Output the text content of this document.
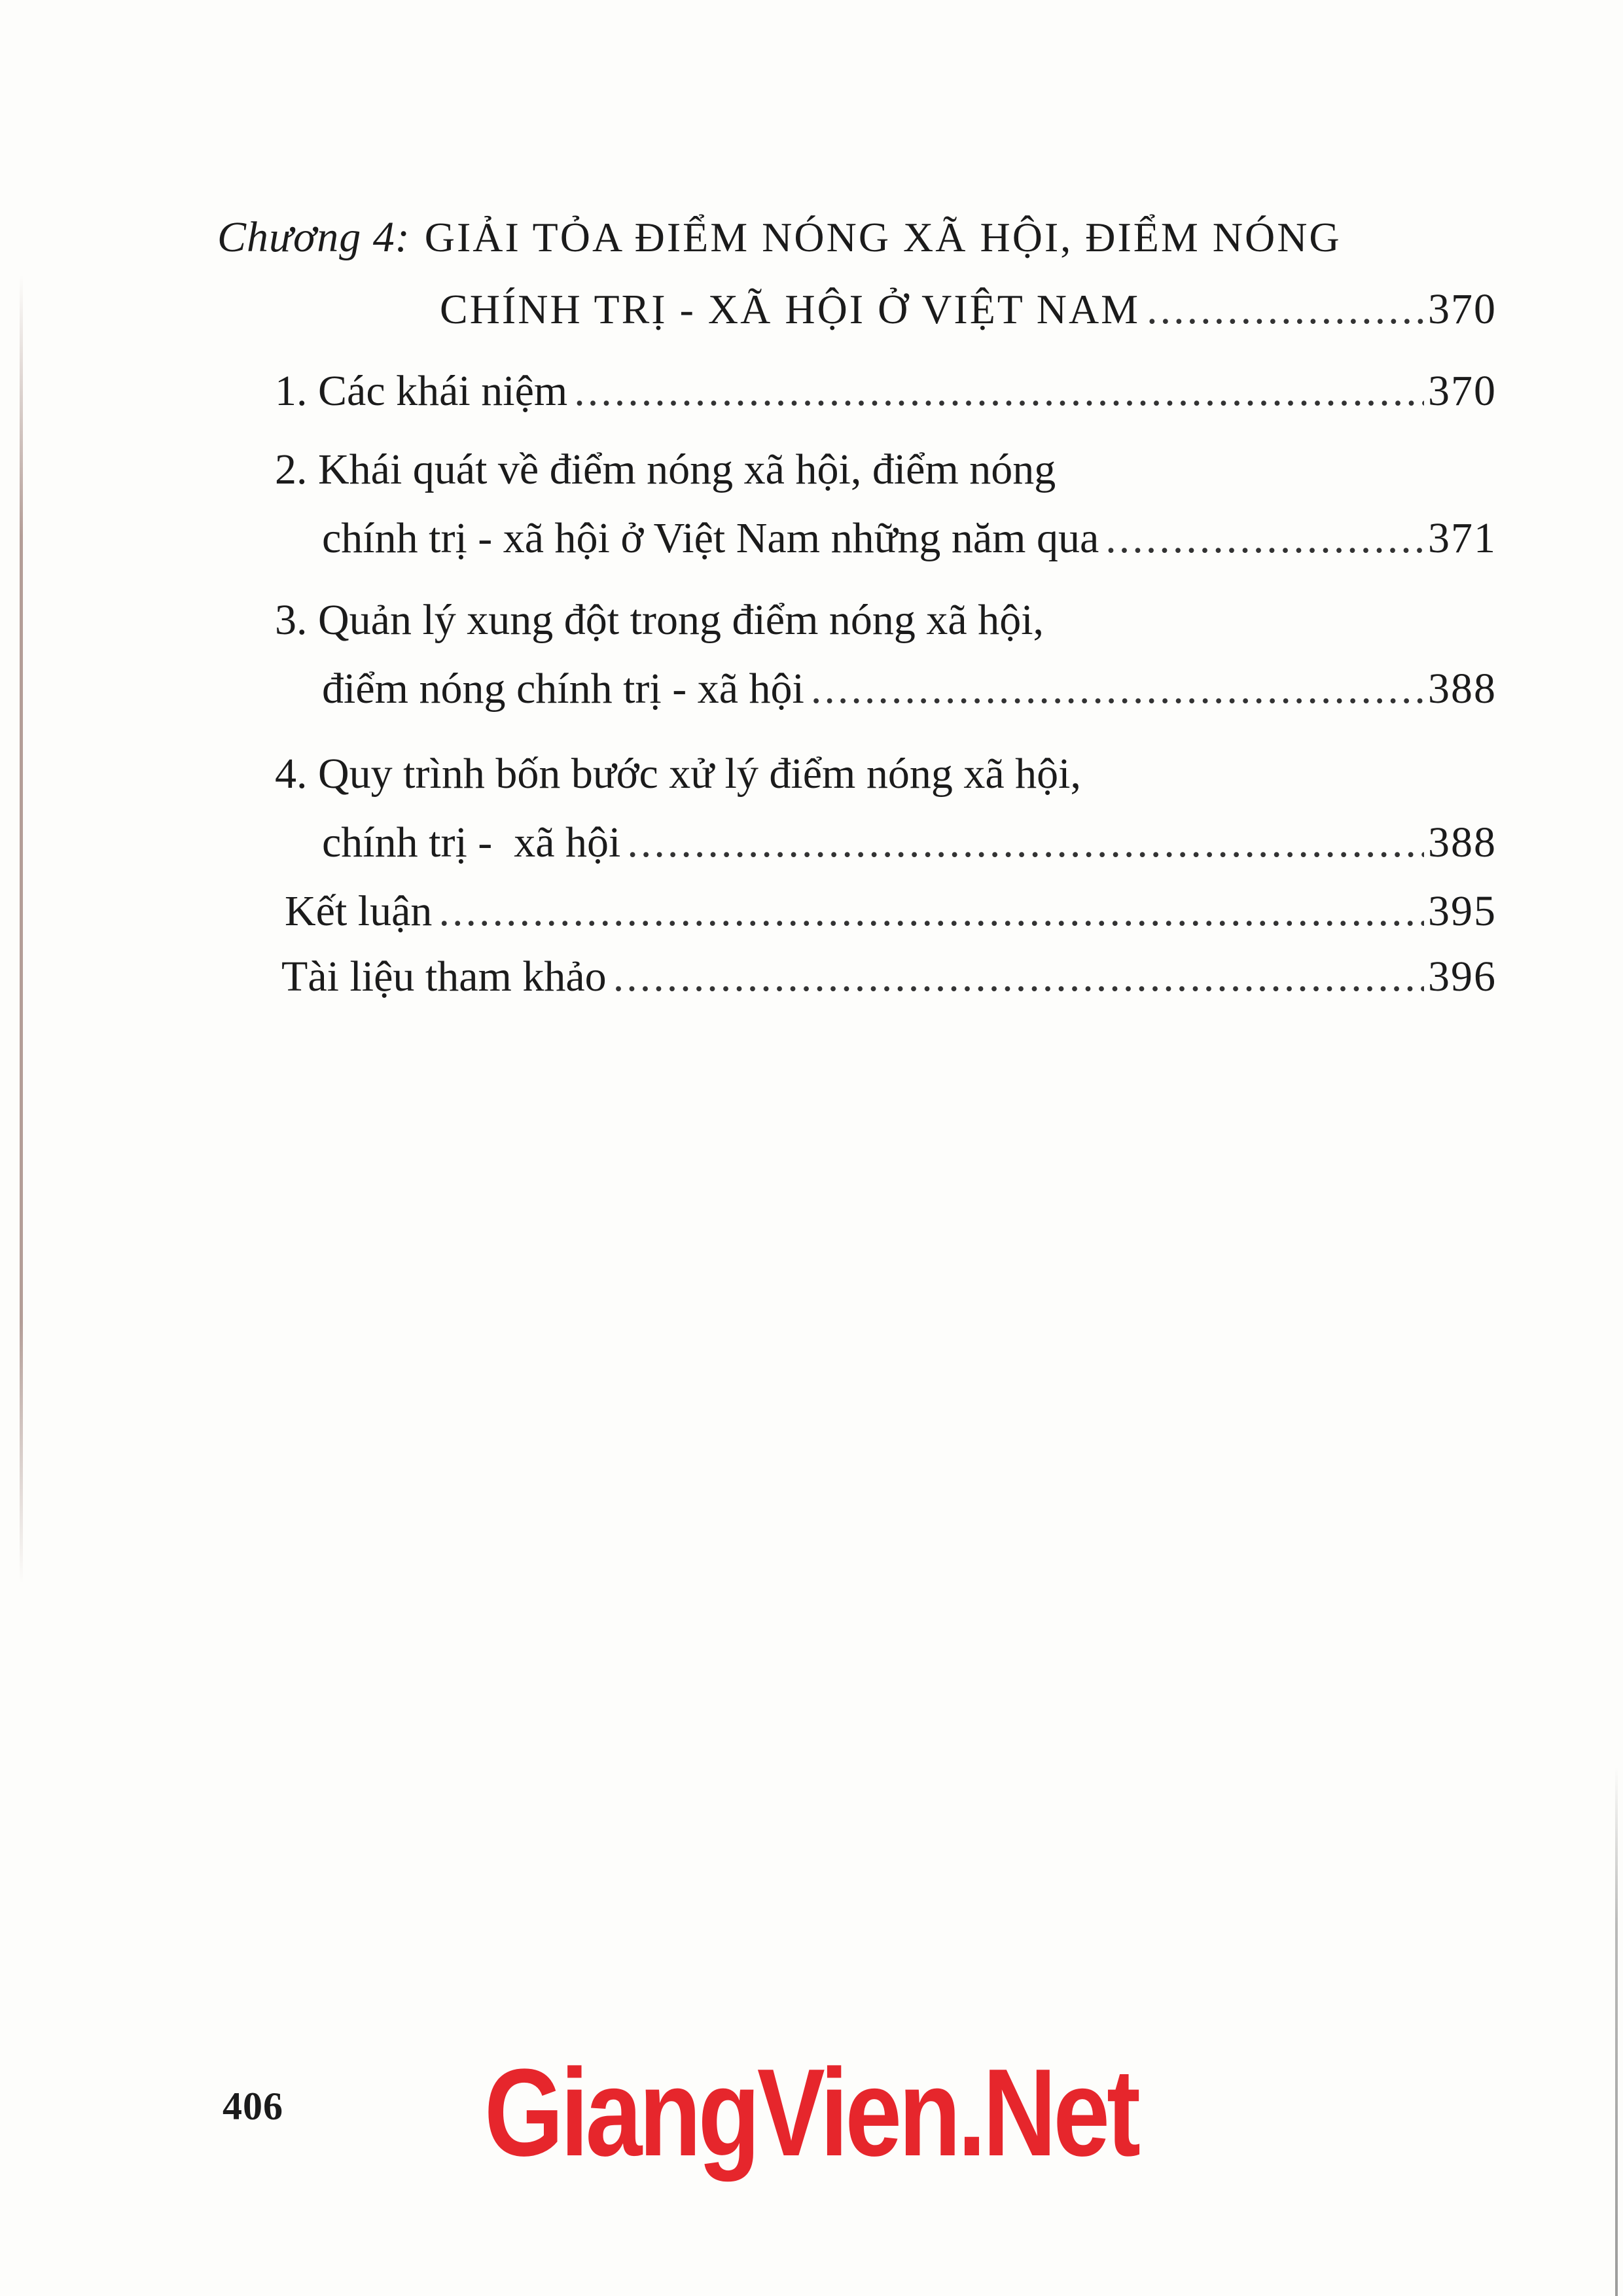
Chương 4: GIẢI TỎA ĐIỂM NÓNG XÃ HỘI, ĐIỂM NÓNG
CHÍNH TRỊ - XÃ HỘI Ở VIỆT NAM .....	370
1. Các khái niệm .....	370
2. Khái quát về điểm nóng xã hội, điểm nóng
chính trị - xã hội ở Việt Nam những năm qua .....	371
3. Quản lý xung đột trong điểm nóng xã hội,
điểm nóng chính trị - xã hội .....	388
4. Quy trình bốn bước xử lý điểm nóng xã hội,
chính trị -  xã hội .....	388
Kết luận .....	395
Tài liệu tham khảo .....	396
406 GiangVien.Net
